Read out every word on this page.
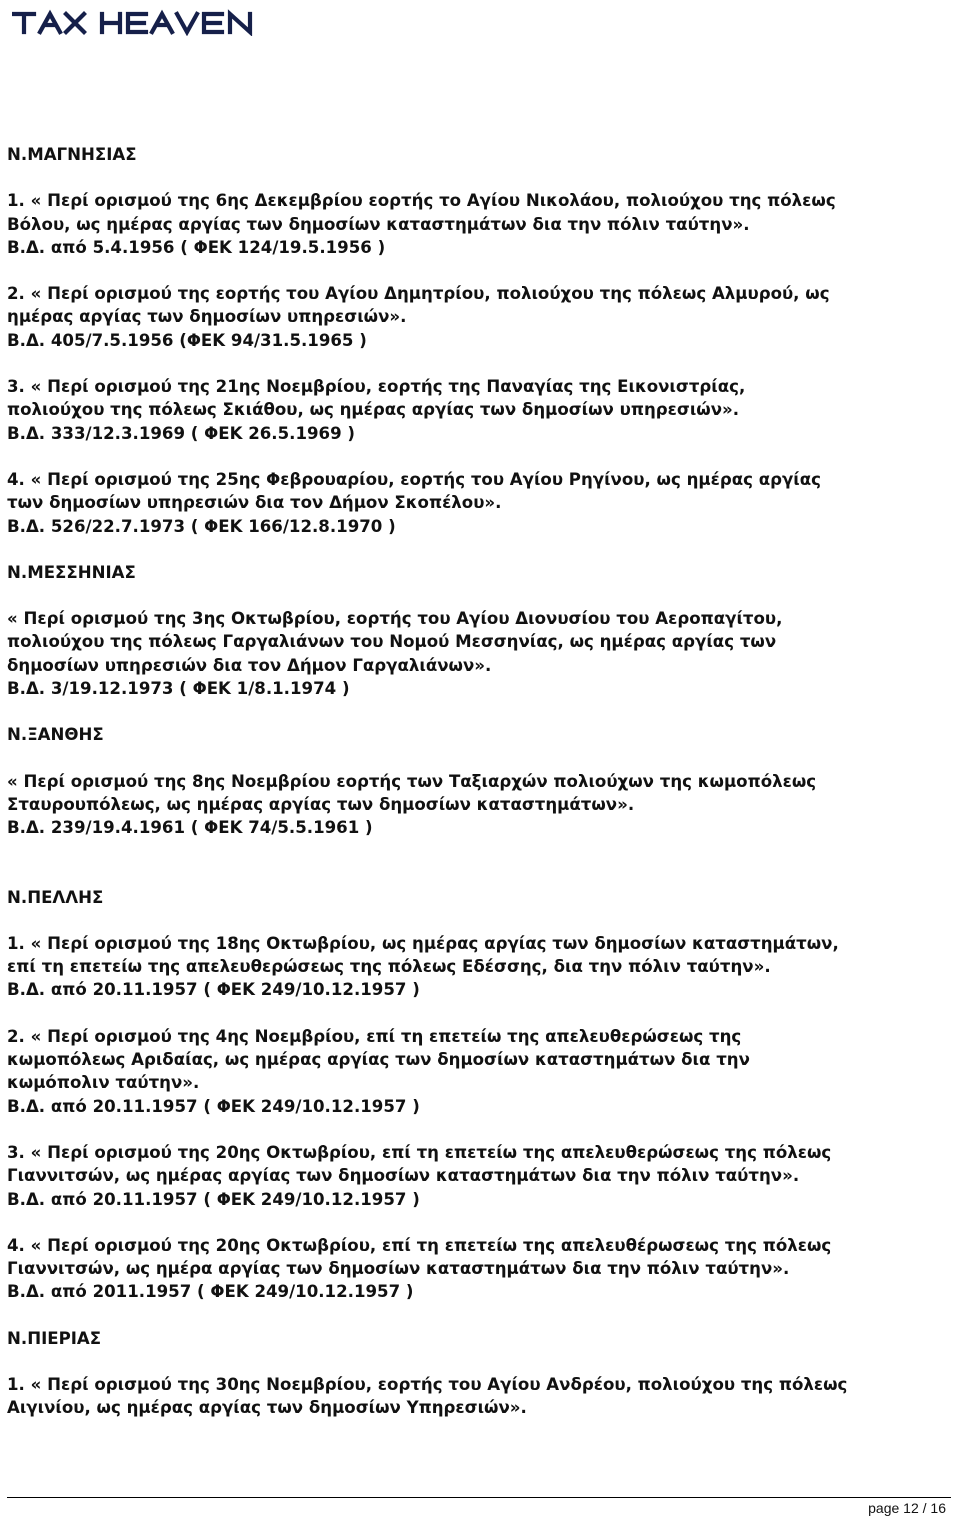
Ν.ΜΑΓΝΗΣΙΑΣ

1. « Περί ορισμού της 6ης Δεκεμβρίου εορτής το Αγίου Νικολάου, πολιούχου της πόλεως

Βόλου, ως ημέρας αργίας των δημοσίων καταστημάτων δια την πόλιν ταύτην».

Β.Δ. από 5.4.1956 ( ΦΕΚ 124/19.5.1956 )

2. « Περί ορισμού της εορτής του Αγίου Δημητρίου, πολιούχου της πόλεως Αλμυρού, ως

ημέρας αργίας των δημοσίων υπηρεσιών».

Β.Δ. 405/7.5.1956 (ΦΕΚ 94/31.5.1965 )

3. « Περί ορισμού της 21ης Νοεμβρίου, εορτής της Παναγίας της Εικονιστρίας,

πολιούχου της πόλεως Σκιάθου, ως ημέρας αργίας των δημοσίων υπηρεσιών».

Β.Δ. 333/12.3.1969 ( ΦΕΚ 26.5.1969 )

4. « Περί ορισμού της 25ης Φεβρουαρίου, εορτής του Αγίου Ρηγίνου, ως ημέρας αργίας

των δημοσίων υπηρεσιών δια τον Δήμον Σκοπέλου».

Β.Δ. 526/22.7.1973 ( ΦΕΚ 166/12.8.1970 )

Ν.ΜΕΣΣΗΝΙΑΣ

« Περί ορισμού της 3ης Οκτωβρίου, εορτής του Αγίου Διονυσίου του Αεροπαγίτου,

πολιούχου της πόλεως Γαργαλιάνων του Νομού Μεσσηνίας, ως ημέρας αργίας των

δημοσίων υπηρεσιών δια τον Δήμον Γαργαλιάνων».

Β.Δ. 3/19.12.1973 ( ΦΕΚ 1/8.1.1974 )

Ν.ΞΑΝΘΗΣ

« Περί ορισμού της 8ης Νοεμβρίου εορτής των Ταξιαρχών πολιούχων της κωμοπόλεως

Σταυρουπόλεως, ως ημέρας αργίας των δημοσίων καταστημάτων».

Β.Δ. 239/19.4.1961 ( ΦΕΚ 74/5.5.1961 )

Ν.ΠΕΛΛΗΣ

1. « Περί ορισμού της 18ης Οκτωβρίου, ως ημέρας αργίας των δημοσίων καταστημάτων,

επί τη επετείω της απελευθερώσεως της πόλεως Εδέσσης, δια την πόλιν ταύτην».

Β.Δ. από 20.11.1957 ( ΦΕΚ 249/10.12.1957 )

2. « Περί ορισμού της 4ης Νοεμβρίου, επί τη επετείω της απελευθερώσεως της

κωμοπόλεως Αριδαίας, ως ημέρας αργίας των δημοσίων καταστημάτων δια την

κωμόπολιν ταύτην».

Β.Δ. από 20.11.1957 ( ΦΕΚ 249/10.12.1957 )

3. « Περί ορισμού της 20ης Οκτωβρίου, επί τη επετείω της απελευθερώσεως της πόλεως

Γιαννιτσών, ως ημέρας αργίας των δημοσίων καταστημάτων δια την πόλιν ταύτην».

Β.Δ. από 20.11.1957 ( ΦΕΚ 249/10.12.1957 )

4. « Περί ορισμού της 20ης Οκτωβρίου, επί τη επετείω της απελευθέρωσεως της πόλεως

Γιαννιτσών, ως ημέρα αργίας των δημοσίων καταστημάτων δια την πόλιν ταύτην».

Β.Δ. από 2011.1957 ( ΦΕΚ 249/10.12.1957 )

Ν.ΠΙΕΡΙΑΣ

1. « Περί ορισμού της 30ης Νοεμβρίου, εορτής του Αγίου Ανδρέου, πολιούχου της πόλεως

Αιγινίου, ως ημέρας αργίας των δημοσίων Υπηρεσιών».

page 12 / 16
